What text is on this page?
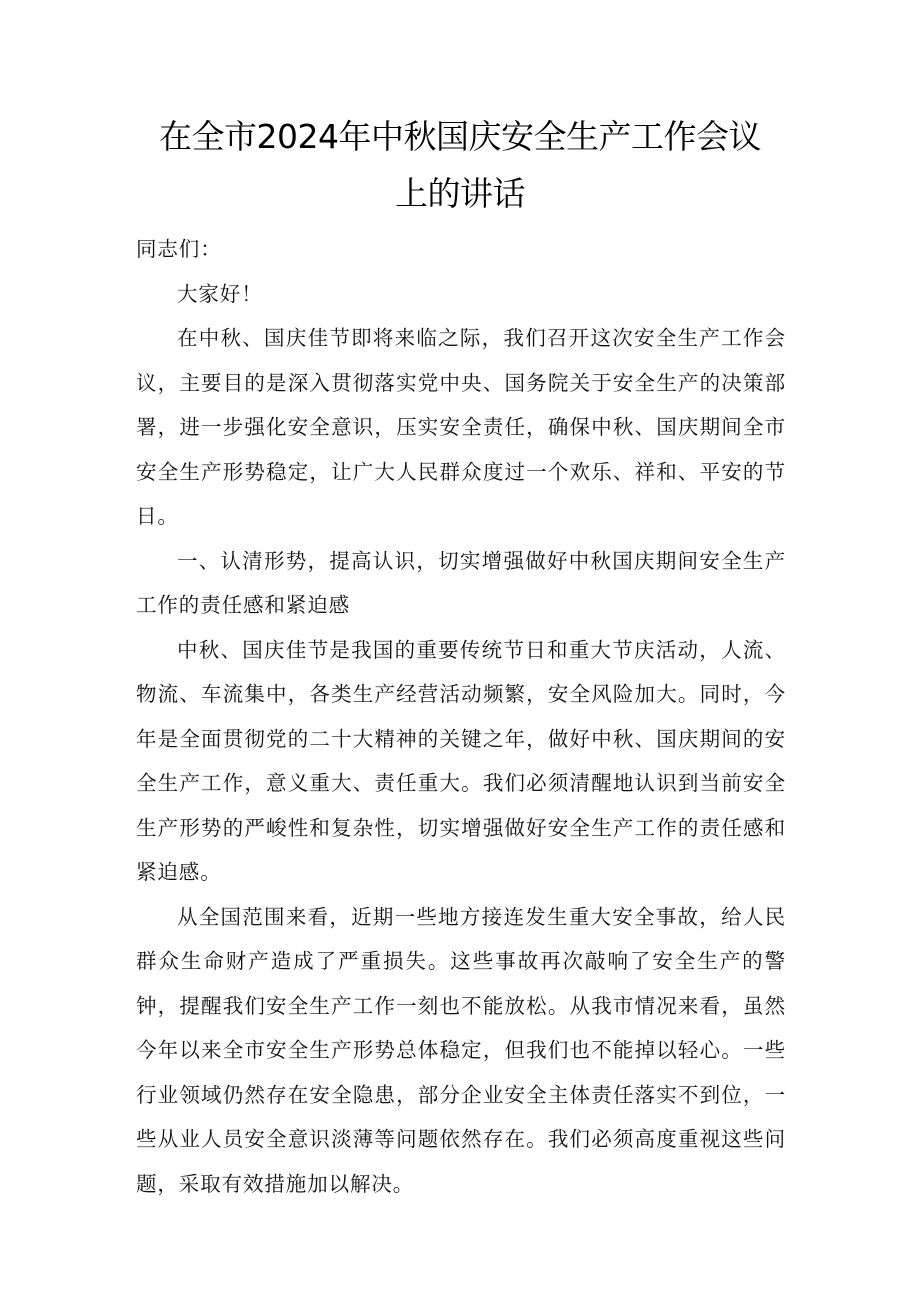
在全市2024年中秋国庆安全生产工作会议
上的讲话

同志们：

大家好！

在中秋、国庆佳节即将来临之际，我们召开这次安全生产工作会议，主要目的是深入贯彻落实党中央、国务院关于安全生产的决策部署，进一步强化安全意识，压实安全责任，确保中秋、国庆期间全市安全生产形势稳定，让广大人民群众度过一个欢乐、祥和、平安的节日。

一、认清形势，提高认识，切实增强做好中秋国庆期间安全生产工作的责任感和紧迫感

中秋、国庆佳节是我国的重要传统节日和重大节庆活动，人流、物流、车流集中，各类生产经营活动频繁，安全风险加大。同时，今年是全面贯彻党的二十大精神的关键之年，做好中秋、国庆期间的安全生产工作，意义重大、责任重大。我们必须清醒地认识到当前安全生产形势的严峻性和复杂性，切实增强做好安全生产工作的责任感和紧迫感。

从全国范围来看，近期一些地方接连发生重大安全事故，给人民群众生命财产造成了严重损失。这些事故再次敲响了安全生产的警钟，提醒我们安全生产工作一刻也不能放松。从我市情况来看，虽然今年以来全市安全生产形势总体稳定，但我们也不能掉以轻心。一些行业领域仍然存在安全隐患，部分企业安全主体责任落实不到位，一些从业人员安全意识淡薄等问题依然存在。我们必须高度重视这些问题，采取有效措施加以解决。
